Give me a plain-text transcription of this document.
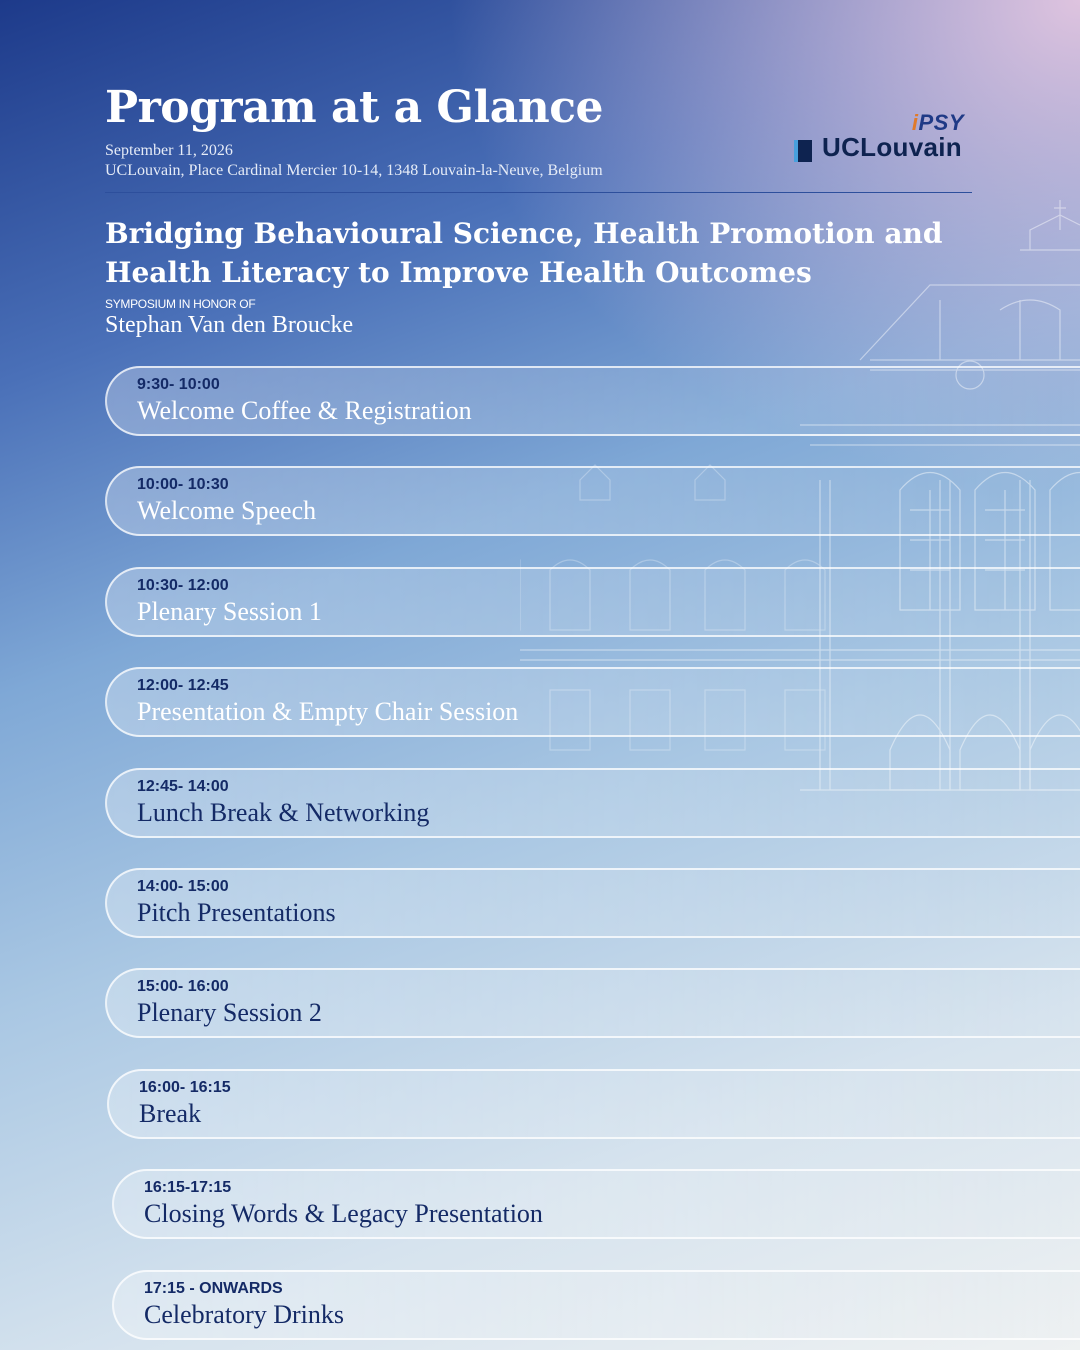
Program at a Glance
September 11, 2026
UCLouvain, Place Cardinal Mercier 10-14, 1348 Louvain-la-Neuve, Belgium
iPSY
UCLouvain
Bridging Behavioural Science, Health Promotion and Health Literacy to Improve Health Outcomes
SYMPOSIUM IN HONOR OF
Stephan Van den Broucke
9:30- 10:00
Welcome Coffee & Registration
10:00- 10:30
Welcome Speech
10:30- 12:00
Plenary Session 1
12:00- 12:45
Presentation & Empty Chair Session
12:45- 14:00
Lunch Break & Networking
14:00- 15:00
Pitch Presentations
15:00- 16:00
Plenary Session 2
16:00- 16:15
Break
16:15-17:15
Closing Words & Legacy Presentation
17:15 - ONWARDS
Celebratory Drinks
